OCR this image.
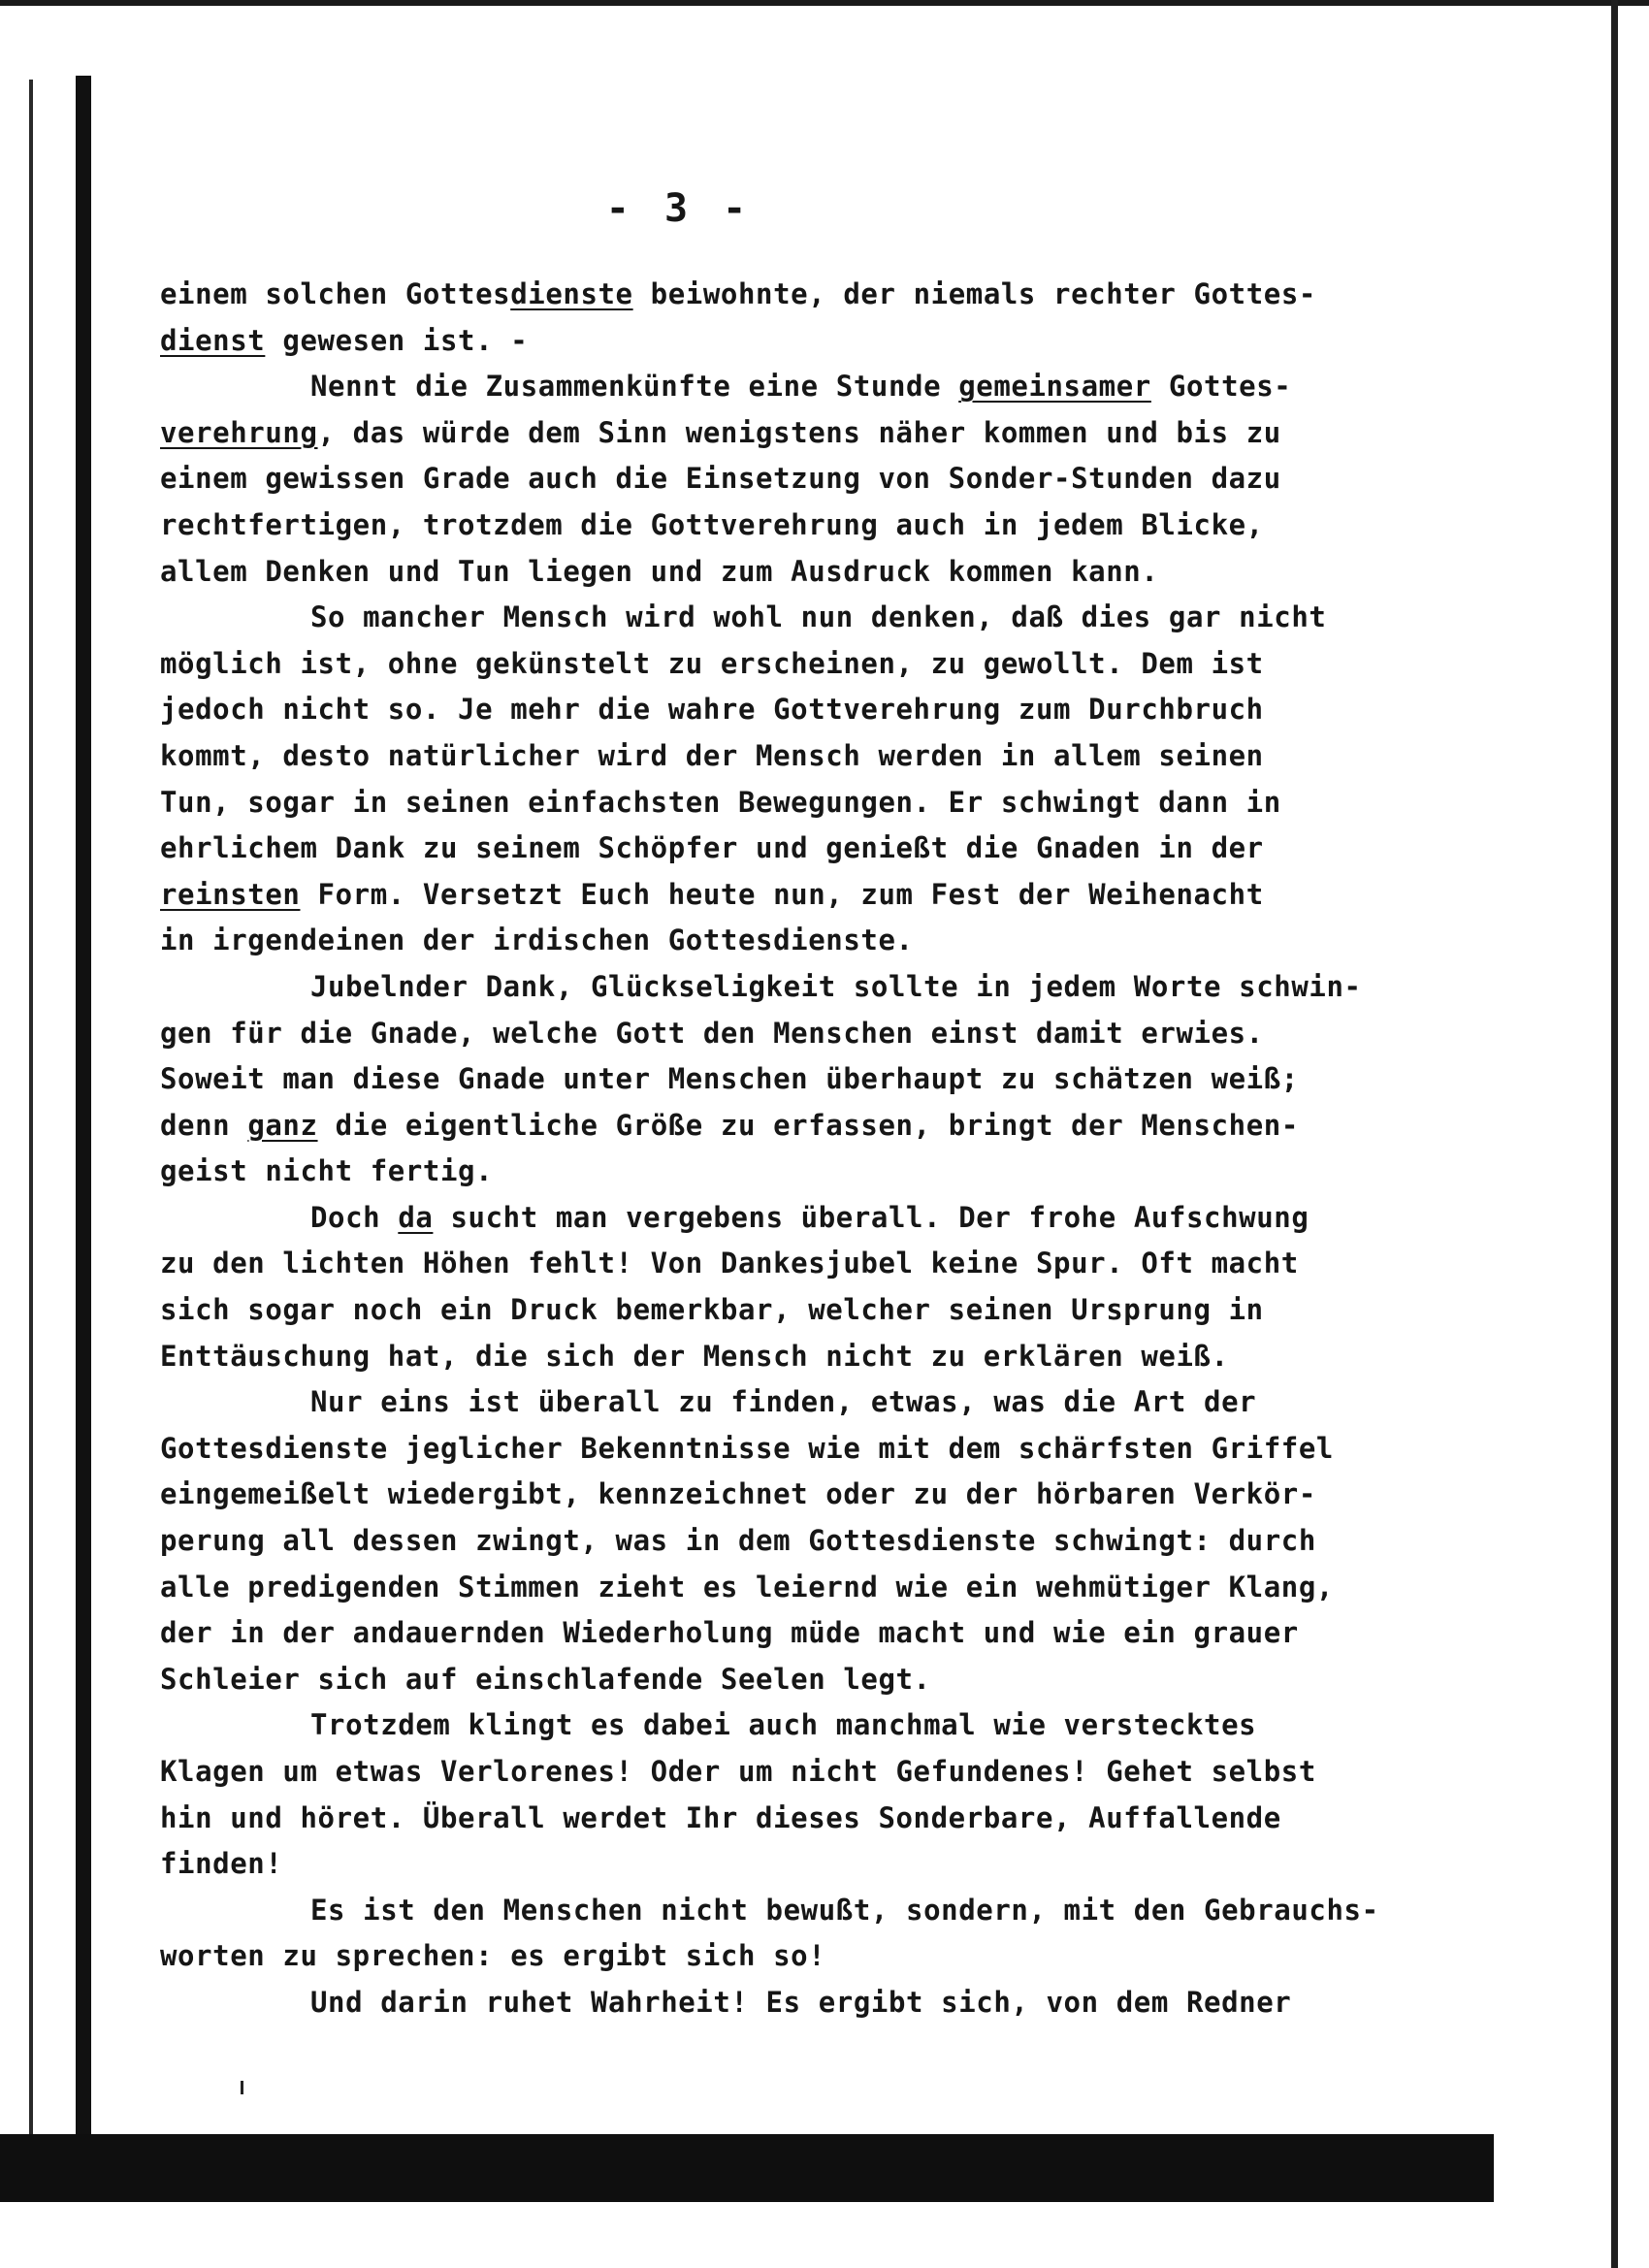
- 3 -
einem solchen Gottesdienste beiwohnte, der niemals rechter Gottes-
dienst gewesen ist. -
Nennt die Zusammenkünfte eine Stunde gemeinsamer Gottes-
verehrung, das würde dem Sinn wenigstens näher kommen und bis zu
einem gewissen Grade auch die Einsetzung von Sonder-Stunden dazu
rechtfertigen, trotzdem die Gottverehrung auch in jedem Blicke,
allem Denken und Tun liegen und zum Ausdruck kommen kann.
So mancher Mensch wird wohl nun denken, daß dies gar nicht
möglich ist, ohne gekünstelt zu erscheinen, zu gewollt. Dem ist
jedoch nicht so. Je mehr die wahre Gottverehrung zum Durchbruch
kommt, desto natürlicher wird der Mensch werden in allem seinen
Tun, sogar in seinen einfachsten Bewegungen. Er schwingt dann in
ehrlichem Dank zu seinem Schöpfer und genießt die Gnaden in der
reinsten Form. Versetzt Euch heute nun, zum Fest der Weihenacht
in irgendeinen der irdischen Gottesdienste.
Jubelnder Dank, Glückseligkeit sollte in jedem Worte schwin-
gen für die Gnade, welche Gott den Menschen einst damit erwies.
Soweit man diese Gnade unter Menschen überhaupt zu schätzen weiß;
denn ganz die eigentliche Größe zu erfassen, bringt der Menschen-
geist nicht fertig.
Doch da sucht man vergebens überall. Der frohe Aufschwung
zu den lichten Höhen fehlt! Von Dankesjubel keine Spur. Oft macht
sich sogar noch ein Druck bemerkbar, welcher seinen Ursprung in
Enttäuschung hat, die sich der Mensch nicht zu erklären weiß.
Nur eins ist überall zu finden, etwas, was die Art der
Gottesdienste jeglicher Bekenntnisse wie mit dem schärfsten Griffel
eingemeißelt wiedergibt, kennzeichnet oder zu der hörbaren Verkör-
perung all dessen zwingt, was in dem Gottesdienste schwingt: durch
alle predigenden Stimmen zieht es leiernd wie ein wehmütiger Klang,
der in der andauernden Wiederholung müde macht und wie ein grauer
Schleier sich auf einschlafende Seelen legt.
Trotzdem klingt es dabei auch manchmal wie verstecktes
Klagen um etwas Verlorenes! Oder um nicht Gefundenes! Gehet selbst
hin und höret. Überall werdet Ihr dieses Sonderbare, Auffallende
finden!
Es ist den Menschen nicht bewußt, sondern, mit den Gebrauchs-
worten zu sprechen: es ergibt sich so!
Und darin ruhet Wahrheit! Es ergibt sich, von dem Redner
